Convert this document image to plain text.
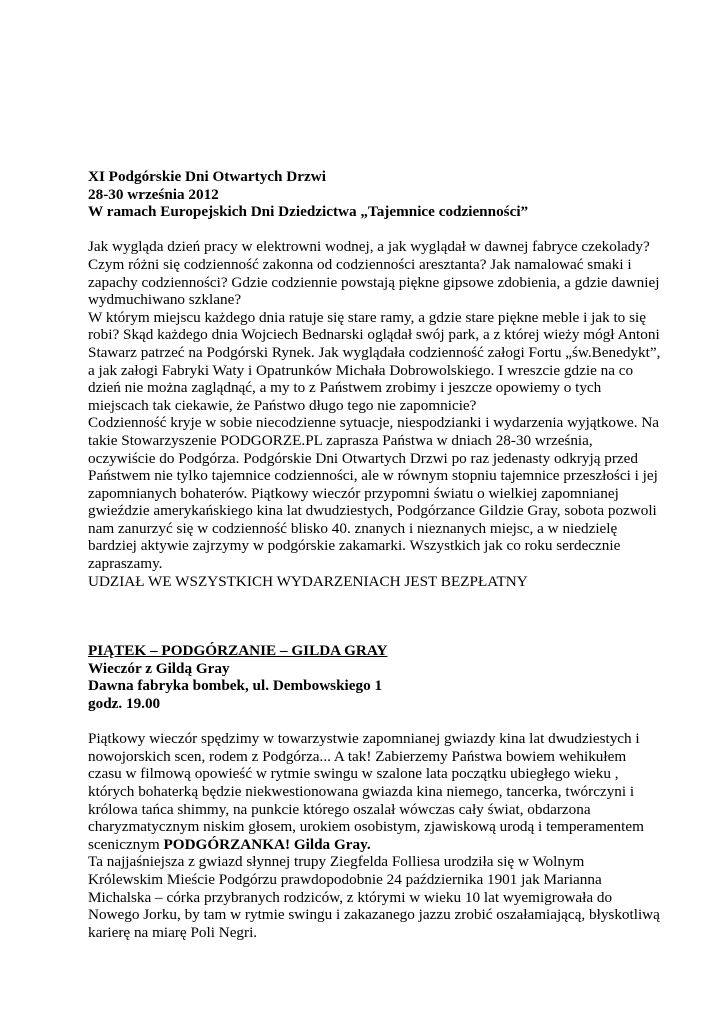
XI Podgórskie Dni Otwartych Drzwi
28-30 września 2012
W ramach Europejskich Dni Dziedzictwa „Tajemnice codzienności”
Jak wygląda dzień pracy w elektrowni wodnej, a jak wyglądał w dawnej fabryce czekolady?
Czym różni się codzienność zakonna od codzienności aresztanta? Jak namalować smaki i
zapachy codzienności? Gdzie codziennie powstają piękne gipsowe zdobienia, a gdzie dawniej
wydmuchiwano szklane?
W którym miejscu każdego dnia ratuje się stare ramy, a gdzie stare piękne meble i jak to się
robi? Skąd każdego dnia Wojciech Bednarski oglądał swój park, a z której wieży mógł Antoni
Stawarz patrzeć na Podgórski Rynek. Jak wyglądała codzienność załogi Fortu „św.Benedykt”,
a jak załogi Fabryki Waty i Opatrunków Michała Dobrowolskiego. I wreszcie gdzie na co
dzień nie można zaglądnąć, a my to z Państwem zrobimy i jeszcze opowiemy o tych
miejscach tak ciekawie, że Państwo długo tego nie zapomnicie?
Codzienność kryje w sobie niecodzienne sytuacje, niespodzianki i wydarzenia wyjątkowe. Na
takie Stowarzyszenie PODGORZE.PL zaprasza Państwa w dniach 28-30 września,
oczywiście do Podgórza. Podgórskie Dni Otwartych Drzwi po raz jedenasty odkryją przed
Państwem nie tylko tajemnice codzienności, ale w równym stopniu tajemnice przeszłości i jej
zapomnianych bohaterów. Piątkowy wieczór przypomni światu o wielkiej zapomnianej
gwieździe amerykańskiego kina lat dwudziestych, Podgórzance Gildzie Gray, sobota pozwoli
nam zanurzyć się w codzienność blisko 40. znanych i nieznanych miejsc, a w niedzielę
bardziej aktywie zajrzymy w podgórskie zakamarki. Wszystkich jak co roku serdecznie
zapraszamy.
UDZIAŁ WE WSZYSTKICH WYDARZENIACH JEST BEZPŁATNY
PIĄTEK – PODGÓRZANIE – GILDA GRAY
Wieczór z Gildą Gray
Dawna fabryka bombek, ul. Dembowskiego 1
godz. 19.00
Piątkowy wieczór spędzimy w towarzystwie zapomnianej gwiazdy kina lat dwudziestych i
nowojorskich scen, rodem z Podgórza... A tak! Zabierzemy Państwa bowiem wehikułem
czasu w filmową opowieść w rytmie swingu w szalone lata początku ubiegłego wieku ,
których bohaterką będzie niekwestionowana gwiazda kina niemego, tancerka, twórczyni i
królowa tańca shimmy, na punkcie którego oszalał wówczas cały świat, obdarzona
charyzmatycznym niskim głosem, urokiem osobistym, zjawiskową urodą i temperamentem
scenicznym PODGÓRZANKA! Gilda Gray.
Ta najjaśniejsza z gwiazd słynnej trupy Ziegfelda Folliesa urodziła się w Wolnym
Królewskim Mieście Podgórzu prawdopodobnie 24 października 1901 jak Marianna
Michalska – córka przybranych rodziców, z którymi w wieku 10 lat wyemigrowała do
Nowego Jorku, by tam w rytmie swingu i zakazanego jazzu zrobić oszałamiającą, błyskotliwą
karierę na miarę Poli Negri.
